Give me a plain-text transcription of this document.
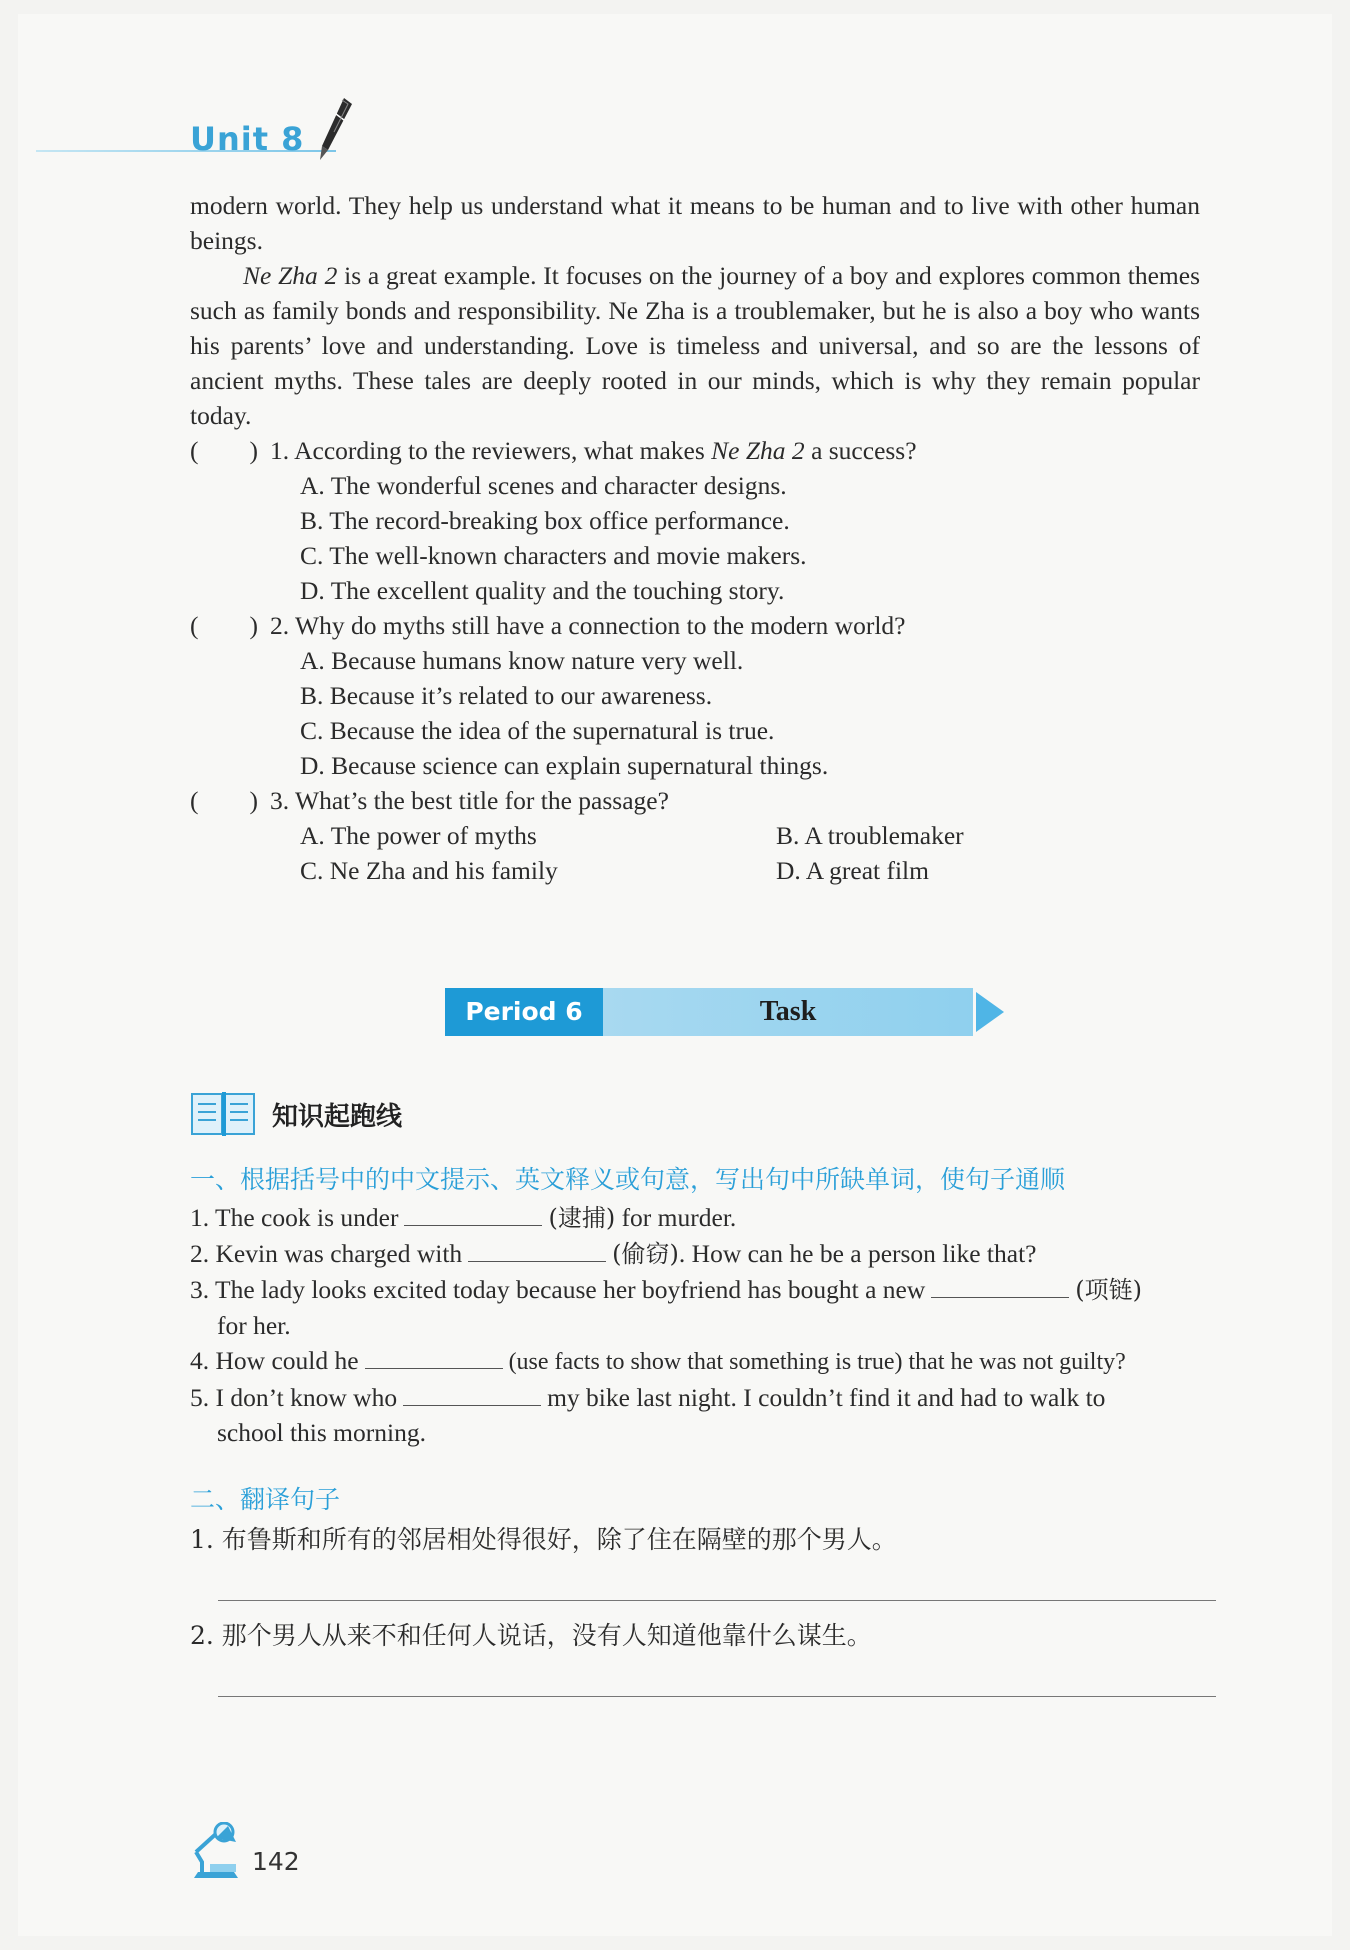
Unit 8

modern world. They help us understand what it means to be human and to live with other human beings.

Ne Zha 2 is a great example. It focuses on the journey of a boy and explores common themes such as family bonds and responsibility. Ne Zha is a troublemaker, but he is also a boy who wants his parents’ love and understanding. Love is timeless and universal, and so are the lessons of ancient myths. These tales are deeply rooted in our minds, which is why they remain popular today.

(        ) 1. According to the reviewers, what makes Ne Zha 2 a success?
A. The wonderful scenes and character designs.
B. The record-breaking box office performance.
C. The well-known characters and movie makers.
D. The excellent quality and the touching story.
(        ) 2. Why do myths still have a connection to the modern world?
A. Because humans know nature very well.
B. Because it’s related to our awareness.
C. Because the idea of the supernatural is true.
D. Because science can explain supernatural things.
(        ) 3. What’s the best title for the passage?
A. The power of myths	B. A troublemaker
C. Ne Zha and his family	D. A great film
Period 6	Task
知识起跑线
一、根据括号中的中文提示、英文释义或句意，写出句中所缺单词，使句子通顺
1. The cook is under	(逮捕) for murder.
2. Kevin was charged with	(偷窃). How can he be a person like that?
3. The lady looks excited today because her boyfriend has bought a new	(项链)
for her.
4. How could he	(use facts to show that something is true) that he was not guilty?
5. I don’t know who	my bike last night. I couldn’t find it and had to walk to
school this morning.
二、翻译句子
1. 布鲁斯和所有的邻居相处得很好，除了住在隔壁的那个男人。
2. 那个男人从来不和任何人说话，没有人知道他靠什么谋生。
142
